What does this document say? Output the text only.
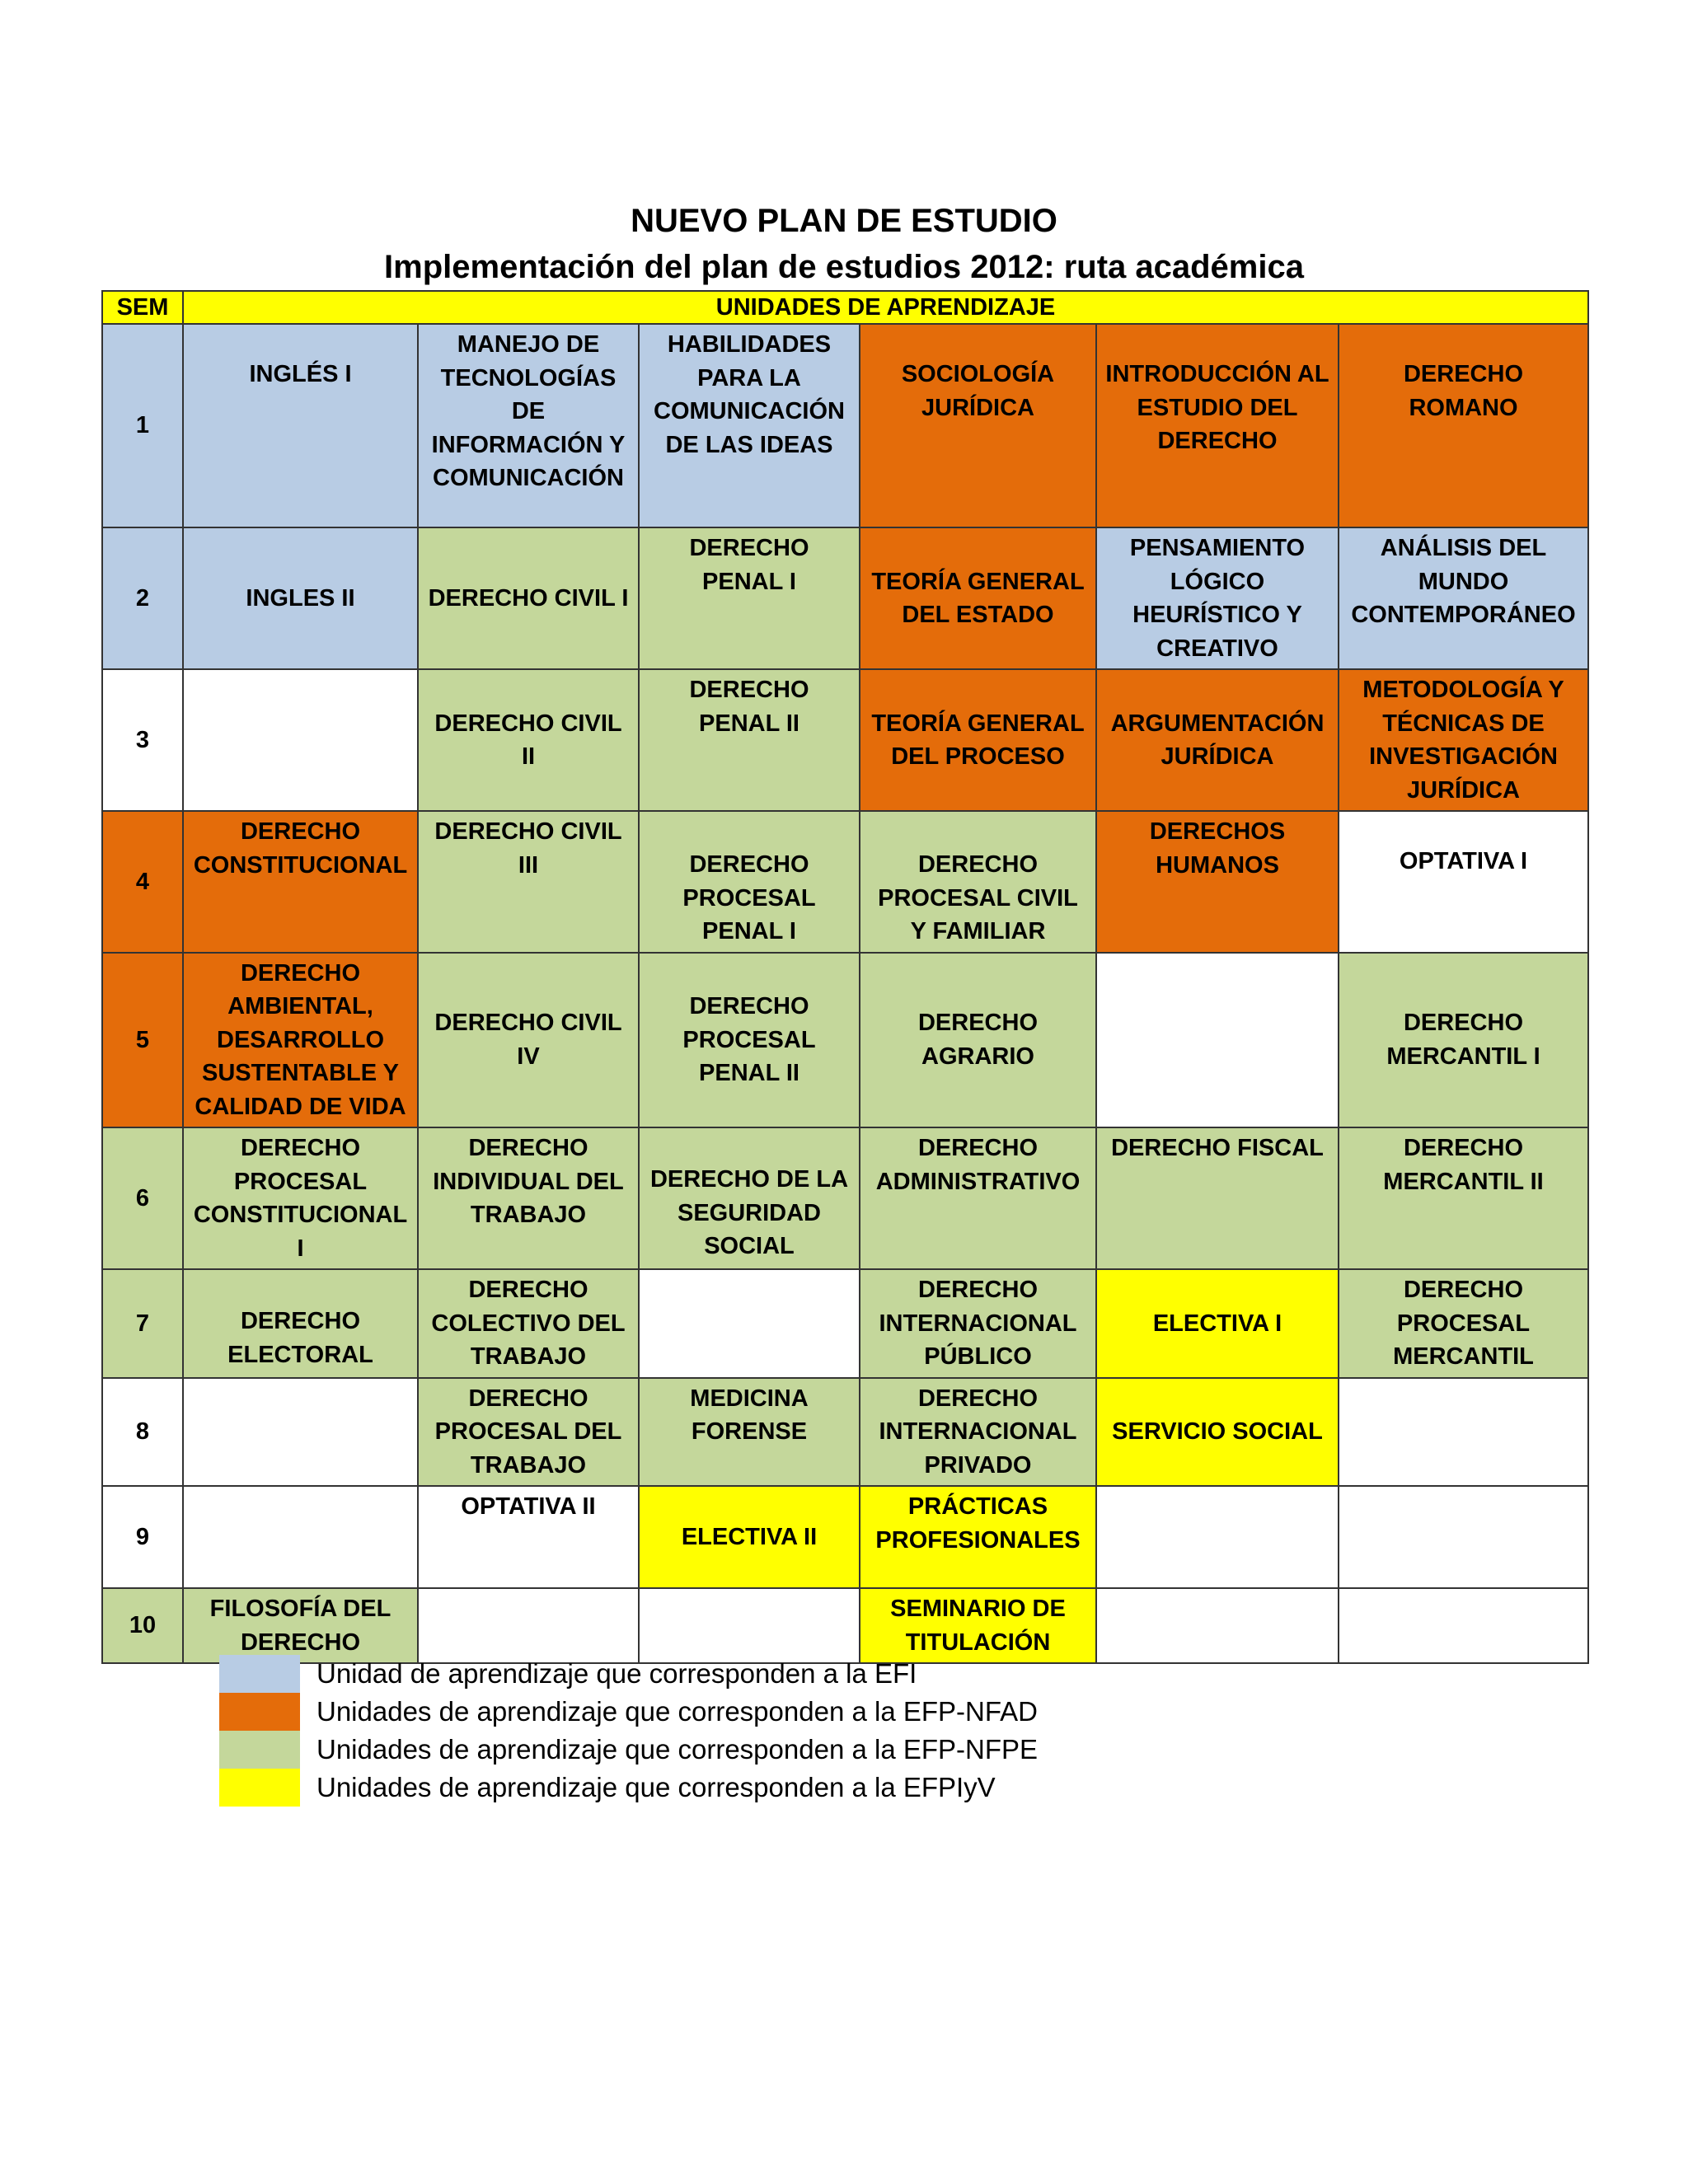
NUEVO PLAN DE ESTUDIO
Implementación del plan de estudios 2012: ruta académica
SEM	UNIDADES DE APRENDIZAJE					
1	INGLÉS I	MANEJO DE TECNOLOGÍAS DE INFORMACIÓN Y COMUNICACIÓN	HABILIDADES PARA LA COMUNICACIÓN DE LAS IDEAS	SOCIOLOGÍA JURÍDICA	INTRODUCCIÓN AL ESTUDIO DEL DERECHO	DERECHO ROMANO
2	INGLES II	DERECHO CIVIL I	DERECHO PENAL I	TEORÍA GENERAL DEL ESTADO	PENSAMIENTO LÓGICO HEURÍSTICO Y CREATIVO	ANÁLISIS DEL MUNDO CONTEMPORÁNEO
3		DERECHO CIVIL II	DERECHO PENAL II	TEORÍA GENERAL DEL PROCESO	ARGUMENTACIÓN JURÍDICA	METODOLOGÍA Y TÉCNICAS DE INVESTIGACIÓN JURÍDICA
4	DERECHO CONSTITUCIONAL	DERECHO CIVIL III	DERECHO PROCESAL PENAL I	DERECHO PROCESAL CIVIL Y FAMILIAR	DERECHOS HUMANOS	OPTATIVA I
5	DERECHO AMBIENTAL, DESARROLLO SUSTENTABLE Y CALIDAD DE VIDA	DERECHO CIVIL IV	DERECHO PROCESAL PENAL II	DERECHO AGRARIO		DERECHO MERCANTIL I
6	DERECHO PROCESAL CONSTITUCIONAL I	DERECHO INDIVIDUAL DEL TRABAJO	DERECHO DE LA SEGURIDAD SOCIAL	DERECHO ADMINISTRATIVO	DERECHO FISCAL	DERECHO MERCANTIL II
7	DERECHO ELECTORAL	DERECHO COLECTIVO DEL TRABAJO		DERECHO INTERNACIONAL PÚBLICO	ELECTIVA I	DERECHO PROCESAL MERCANTIL
8		DERECHO PROCESAL DEL TRABAJO	MEDICINA FORENSE	DERECHO INTERNACIONAL PRIVADO	SERVICIO SOCIAL	
9		OPTATIVA II	ELECTIVA II	PRÁCTICAS PROFESIONALES		
10	FILOSOFÍA DEL DERECHO			SEMINARIO DE TITULACIÓN		
Unidad de aprendizaje que corresponden a la EFI
Unidades de aprendizaje que corresponden a la EFP-NFAD
Unidades de aprendizaje que corresponden a la EFP-NFPE
Unidades de aprendizaje que corresponden a la EFPIyV
